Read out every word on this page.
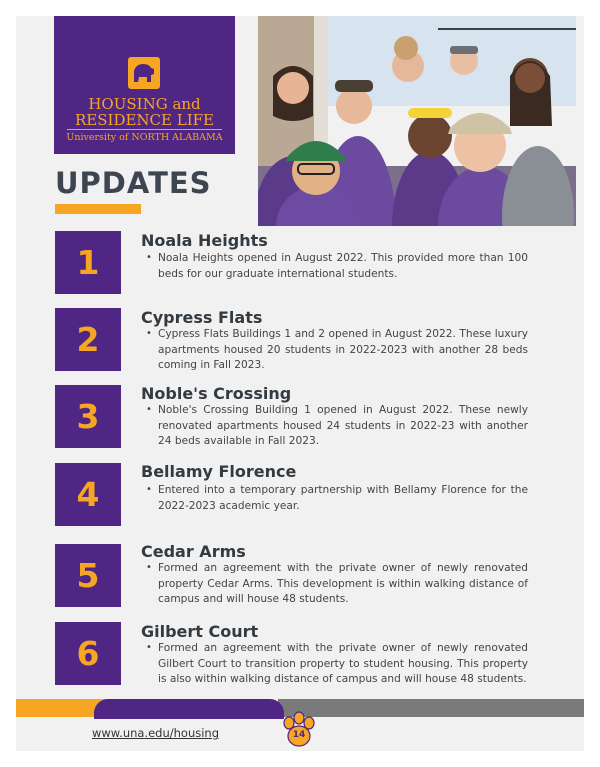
HOUSING and
RESIDENCE LIFE
University of NORTH ALABAMA
UPDATES
1
Noala Heights
• Noala Heights opened in August 2022. This provided more than 100 beds for our graduate international students.
2
Cypress Flats
• Cypress Flats Buildings 1 and 2 opened in August 2022. These luxury apartments housed 20 students in 2022-2023 with another 28 beds coming in Fall 2023.
3
Noble's Crossing
• Noble's Crossing Building 1 opened in August 2022. These newly renovated apartments housed 24 students in 2022-23 with another 24 beds available in Fall 2023.
4
Bellamy Florence
• Entered into a temporary partnership with Bellamy Florence for the 2022-2023 academic year.
5
Cedar Arms
• Formed an agreement with the private owner of newly renovated property Cedar Arms. This development is within walking distance of campus and will house 48 students.
6
Gilbert Court
• Formed an agreement with the private owner of newly renovated Gilbert Court to transition property to student housing. This property is also within walking distance of campus and will house 48 students.
www.una.edu/housing	14
